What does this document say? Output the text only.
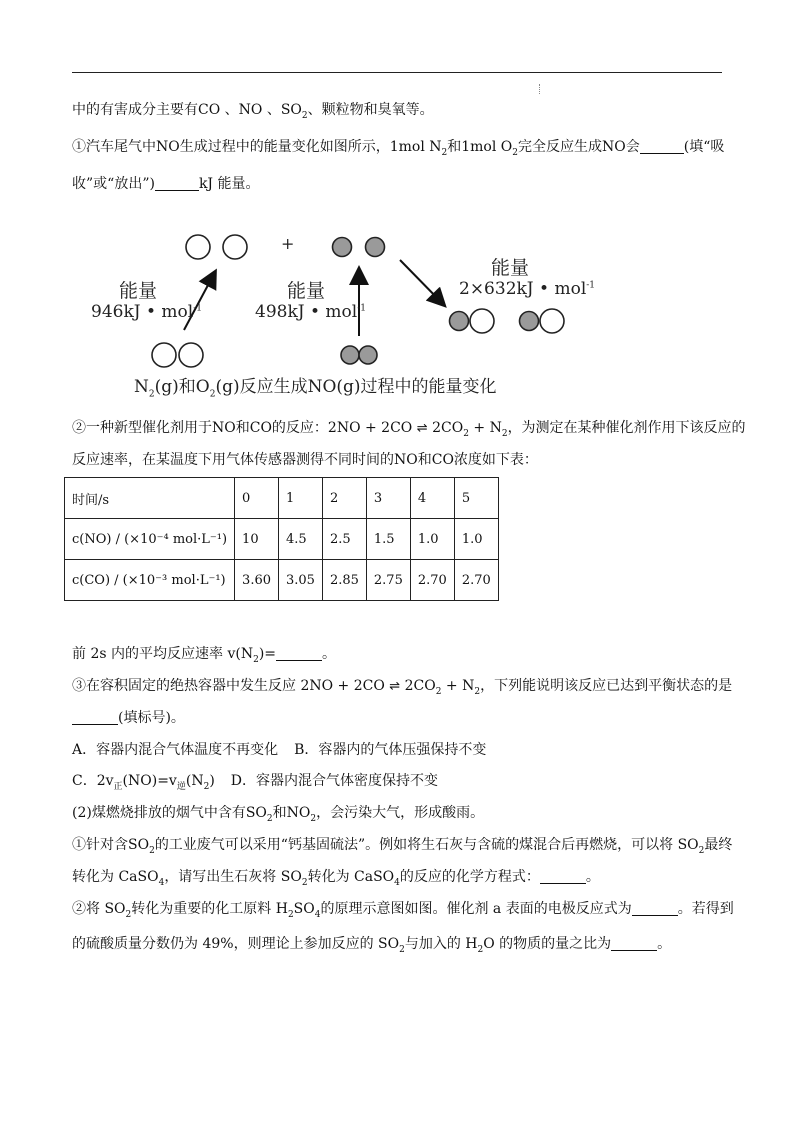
中的有害成分主要有CO 、NO 、$SO_2$、颗粒物和臭氧等。
①汽车尾气中NO生成过程中的能量变化如图所示，1mol $N_2$和1mol $O_2$完全反应生成NO会	(填“吸
收”或“放出”)	kJ 能量。
+
能量
946kJ • mol$^{-1}$
能量
498kJ • mol$^{-1}$
能量
2×632kJ • mol$^{-1}$
$N_2(g)$和$O_2(g)$反应生成NO(g)过程中的能量变化
②一种新型催化剂用于NO和CO的反应：2NO + 2CO ⇌ $2CO_2 + N_2$，为测定在某种催化剂作用下该反应的
反应速率，在某温度下用气体传感器测得不同时间的NO和CO浓度如下表：
时间/s	0	1	2	3	4	5
c(NO) / (×10⁻⁴ mol·L⁻¹)	10	4.5	2.5	1.5	1.0	1.0
c(CO) / (×10⁻³ mol·L⁻¹)	3.60	3.05	2.85	2.75	2.70	2.70
前 2s 内的平均反应速率 $v(N_2)=$	。
③在容积固定的绝热容器中发生反应 2NO + 2CO ⇌ $2CO_2 + N_2$，下列能说明该反应已达到平衡状态的是
(填标号)。
A．容器内混合气体温度不再变化 B．容器内的气体压强保持不变
C．$2v_正(NO)=v_逆(N_2)$ D．容器内混合气体密度保持不变
(2)煤燃烧排放的烟气中含有$SO_2$和$NO_2$，会污染大气，形成酸雨。
①针对含$SO_2$的工业废气可以采用“钙基固硫法”。例如将生石灰与含硫的煤混合后再燃烧，可以将 $SO_2$最终
转化为 CaSO$_4$，请写出生石灰将 $SO_2$转化为 CaSO$_4$的反应的化学方程式：	。
②将 $SO_2$转化为重要的化工原料 $H_2SO_4$的原理示意图如图。催化剂 a 表面的电极反应式为	。若得到
的硫酸质量分数仍为 49%，则理论上参加反应的 $SO_2$与加入的 $H_2O$ 的物质的量之比为	。
